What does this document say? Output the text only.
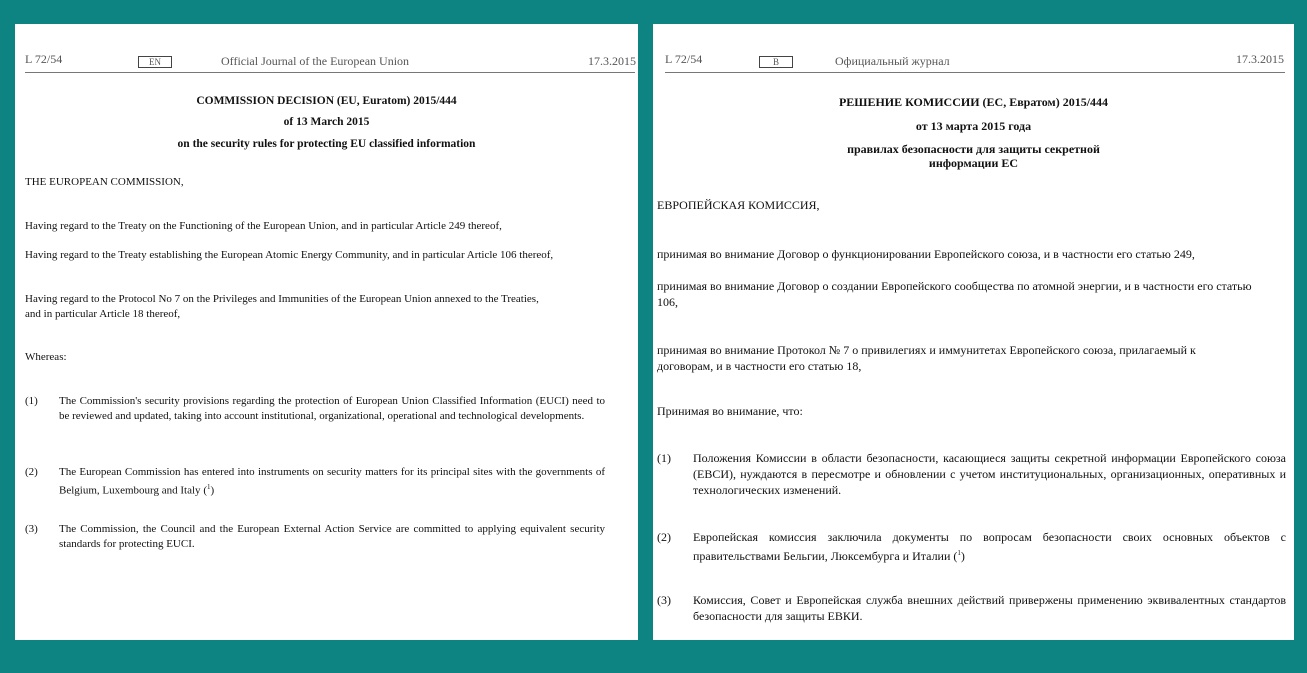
L 72/54	EN	Official Journal of the European Union	17.3.2015
COMMISSION DECISION (EU, Euratom) 2015/444
of 13 March 2015
on the security rules for protecting EU classified information

THE EUROPEAN COMMISSION,

Having regard to the Treaty on the Functioning of the European Union, and in particular Article 249 thereof,

Having regard to the Treaty establishing the European Atomic Energy Community, and in particular Article 106 thereof,

Having regard to the Protocol No 7 on the Privileges and Immunities of the European Union annexed to the Treaties,

and in particular Article 18 thereof,

Whereas:

(1) The Commission's security provisions regarding the protection of European Union Classified Information (EUCI) need to be reviewed and updated, taking into account institutional, organizational, operational and technological developments.

(2) The European Commission has entered into instruments on security matters for its principal sites with the governments of Belgium, Luxembourg and Italy ($^1$)

(3) The Commission, the Council and the European External Action Service are committed to applying equivalent security standards for protecting EUCI.

L 72/54	B	Официальный журнал	17.3.2015
РЕШЕНИЕ КОМИССИИ (ЕС, Евратом) 2015/444
от 13 марта 2015 года
правилах безопасности для защиты секретной
информации ЕС

ЕВРОПЕЙСКАЯ КОМИССИЯ,

принимая во внимание Договор о функционировании Европейского союза, и в частности его статью 249,

принимая во внимание Договор о создании Европейского сообщества по атомной энергии, и в частности его статью 106,

принимая во внимание Протокол № 7 о привилегиях и иммунитетах Европейского союза, прилагаемый к договорам, и в частности его статью 18,

Принимая во внимание, что:

(1) Положения Комиссии в области безопасности, касающиеся защиты секретной информации Европейского союза (ЕВСИ), нуждаются в пересмотре и обновлении с учетом институциональных, организационных, оперативных и технологических изменений.

(2) Европейская комиссия заключила документы по вопросам безопасности своих основных объектов с правительствами Бельгии, Люксембурга и Италии ($^1$)

(3) Комиссия, Совет и Европейская служба внешних действий привержены применению эквивалентных стандартов безопасности для защиты ЕВКИ.
